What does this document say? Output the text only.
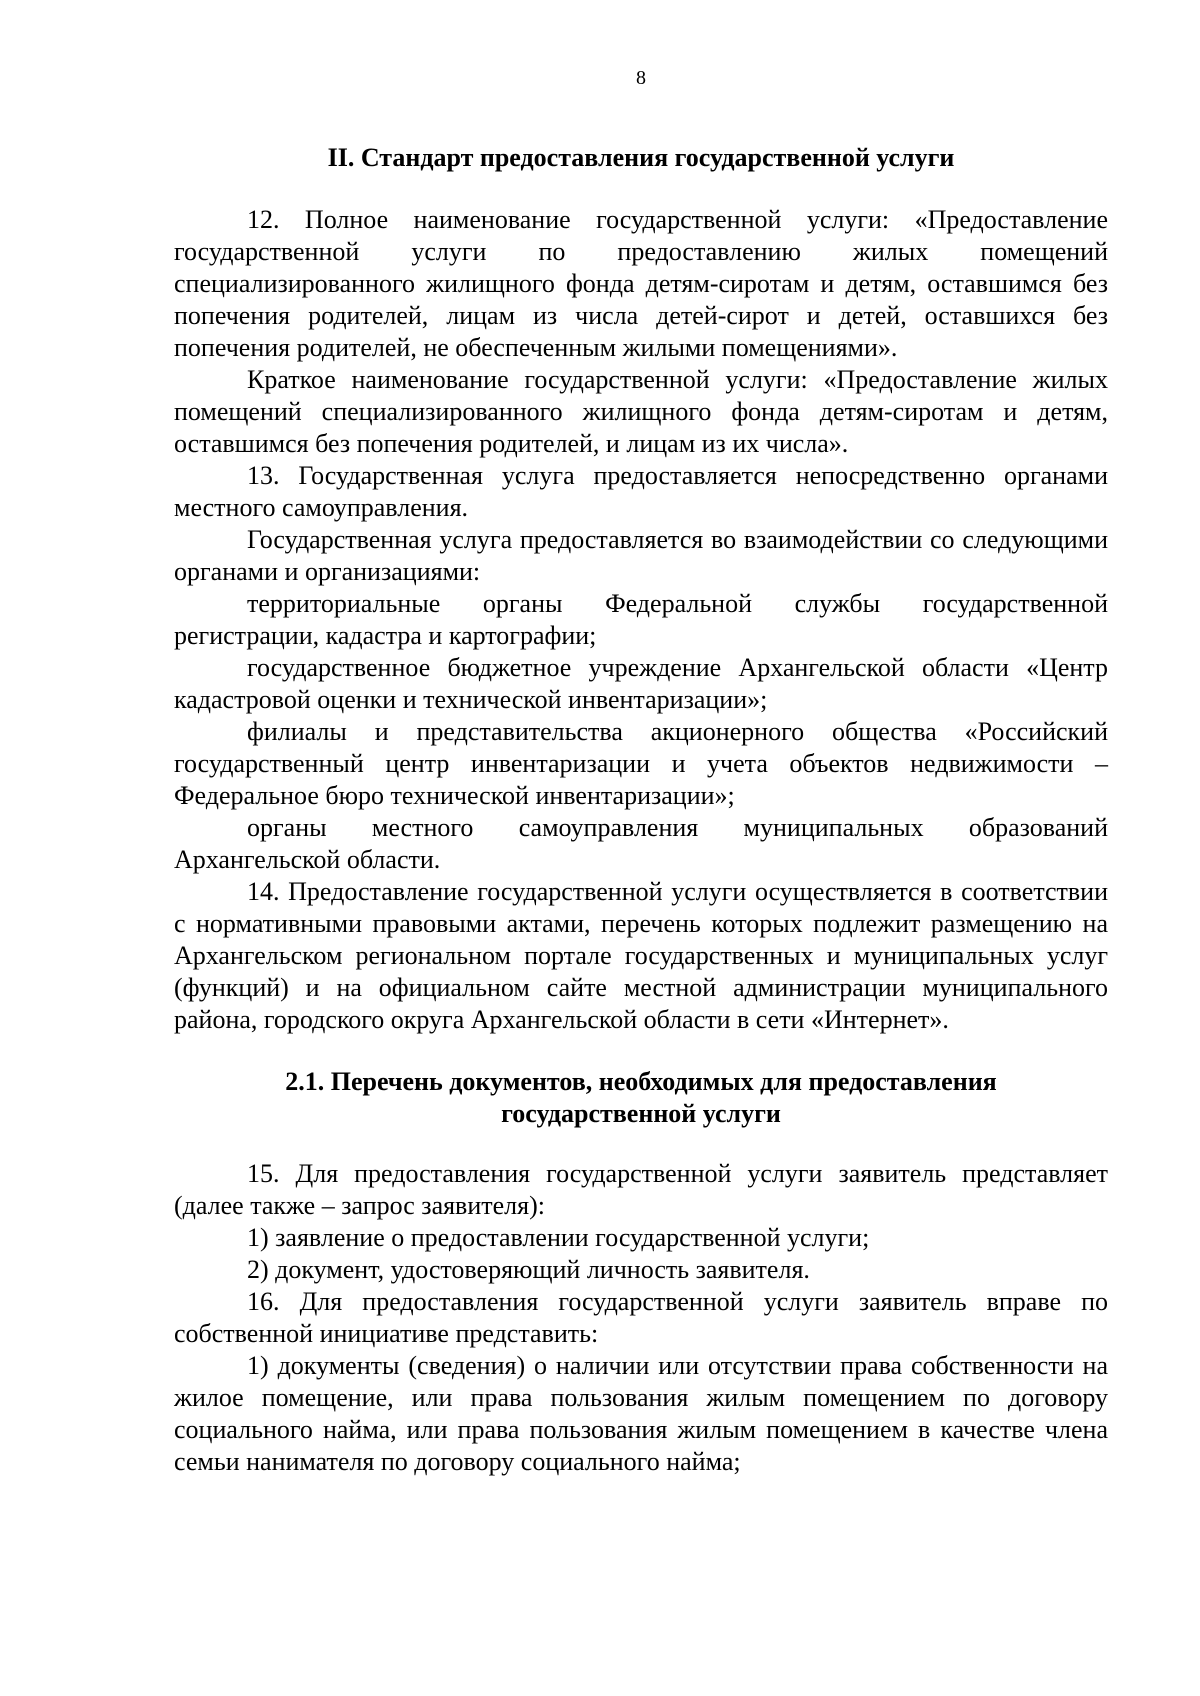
8
II. Стандарт предоставления государственной услуги

12. Полное наименование государственной услуги: «Предоставление государственной услуги по предоставлению жилых помещений специализированного жилищного фонда детям-сиротам и детям, оставшимся без попечения родителей, лицам из числа детей-сирот и детей, оставшихся без попечения родителей, не обеспеченным жилыми помещениями».

Краткое наименование государственной услуги: «Предоставление жилых помещений специализированного жилищного фонда детям-сиротам и детям, оставшимся без попечения родителей, и лицам из их числа».

13. Государственная услуга предоставляется непосредственно органами местного самоуправления.

Государственная услуга предоставляется во взаимодействии со следующими органами и организациями:

территориальные органы Федеральной службы государственной регистрации, кадастра и картографии;

государственное бюджетное учреждение Архангельской области «Центр кадастровой оценки и технической инвентаризации»;

филиалы и представительства акционерного общества «Российский государственный центр инвентаризации и учета объектов недвижимости – Федеральное бюро технической инвентаризации»;

органы местного самоуправления муниципальных образований Архангельской области.

14. Предоставление государственной услуги осуществляется в соответствии с нормативными правовыми актами, перечень которых подлежит размещению на Архангельском региональном портале государственных и муниципальных услуг (функций) и на официальном сайте местной администрации муниципального района, городского округа Архангельской области в сети «Интернет».

2.1. Перечень документов, необходимых для предоставления
государственной услуги

15. Для предоставления государственной услуги заявитель представляет (далее также – запрос заявителя):

1) заявление о предоставлении государственной услуги;

2) документ, удостоверяющий личность заявителя.

16. Для предоставления государственной услуги заявитель вправе по собственной инициативе представить:

1) документы (сведения) о наличии или отсутствии права собственности на жилое помещение, или права пользования жилым помещением по договору социального найма, или права пользования жилым помещением в качестве члена семьи нанимателя по договору социального найма;
